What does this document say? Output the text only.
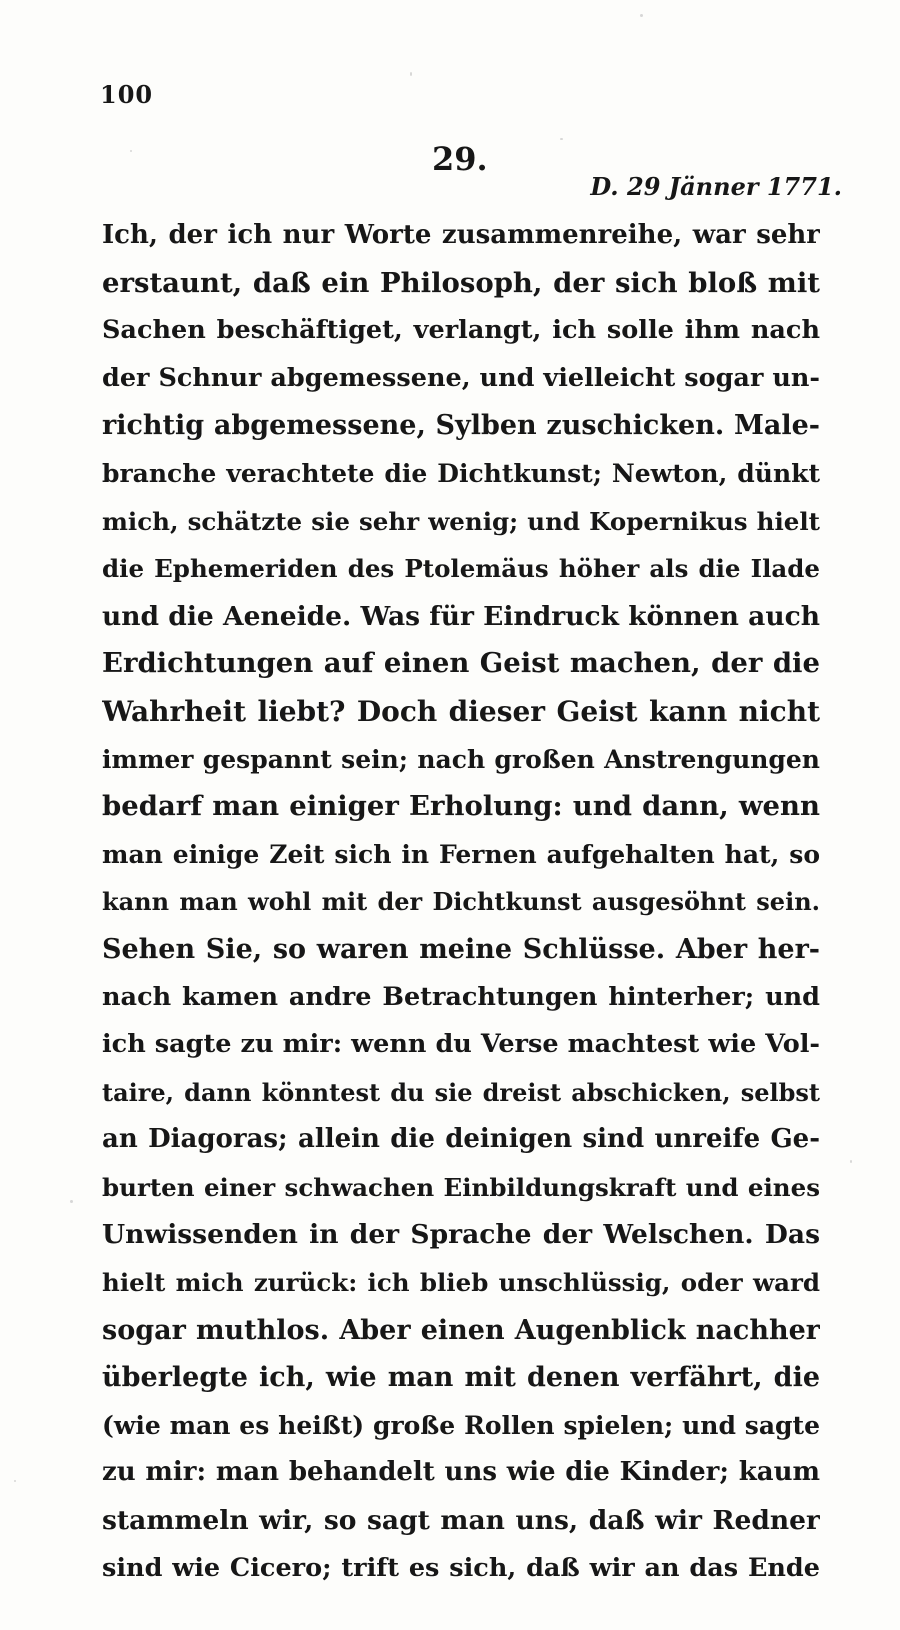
100
29.
D. 29 Jänner 1771.
Ich, der ich nur Worte zusammenreihe, war sehr
erstaunt, daß ein Philosoph, der sich bloß mit
Sachen beschäftiget, verlangt, ich solle ihm nach
der Schnur abgemessene, und vielleicht sogar un-
richtig abgemessene, Sylben zuschicken. Male-
branche verachtete die Dichtkunst; Newton, dünkt
mich, schätzte sie sehr wenig; und Kopernikus hielt
die Ephemeriden des Ptolemäus höher als die Ilade
und die Aeneide. Was für Eindruck können auch
Erdichtungen auf einen Geist machen, der die
Wahrheit liebt? Doch dieser Geist kann nicht
immer gespannt sein; nach großen Anstrengungen
bedarf man einiger Erholung: und dann, wenn
man einige Zeit sich in Fernen aufgehalten hat, so
kann man wohl mit der Dichtkunst ausgesöhnt sein.
Sehen Sie, so waren meine Schlüsse. Aber her-
nach kamen andre Betrachtungen hinterher; und
ich sagte zu mir: wenn du Verse machtest wie Vol-
taire, dann könntest du sie dreist abschicken, selbst
an Diagoras; allein die deinigen sind unreife Ge-
burten einer schwachen Einbildungskraft und eines
Unwissenden in der Sprache der Welschen. Das
hielt mich zurück: ich blieb unschlüssig, oder ward
sogar muthlos. Aber einen Augenblick nachher
überlegte ich, wie man mit denen verfährt, die
(wie man es heißt) große Rollen spielen; und sagte
zu mir: man behandelt uns wie die Kinder; kaum
stammeln wir, so sagt man uns, daß wir Redner
sind wie Cicero; trift es sich, daß wir an das Ende
